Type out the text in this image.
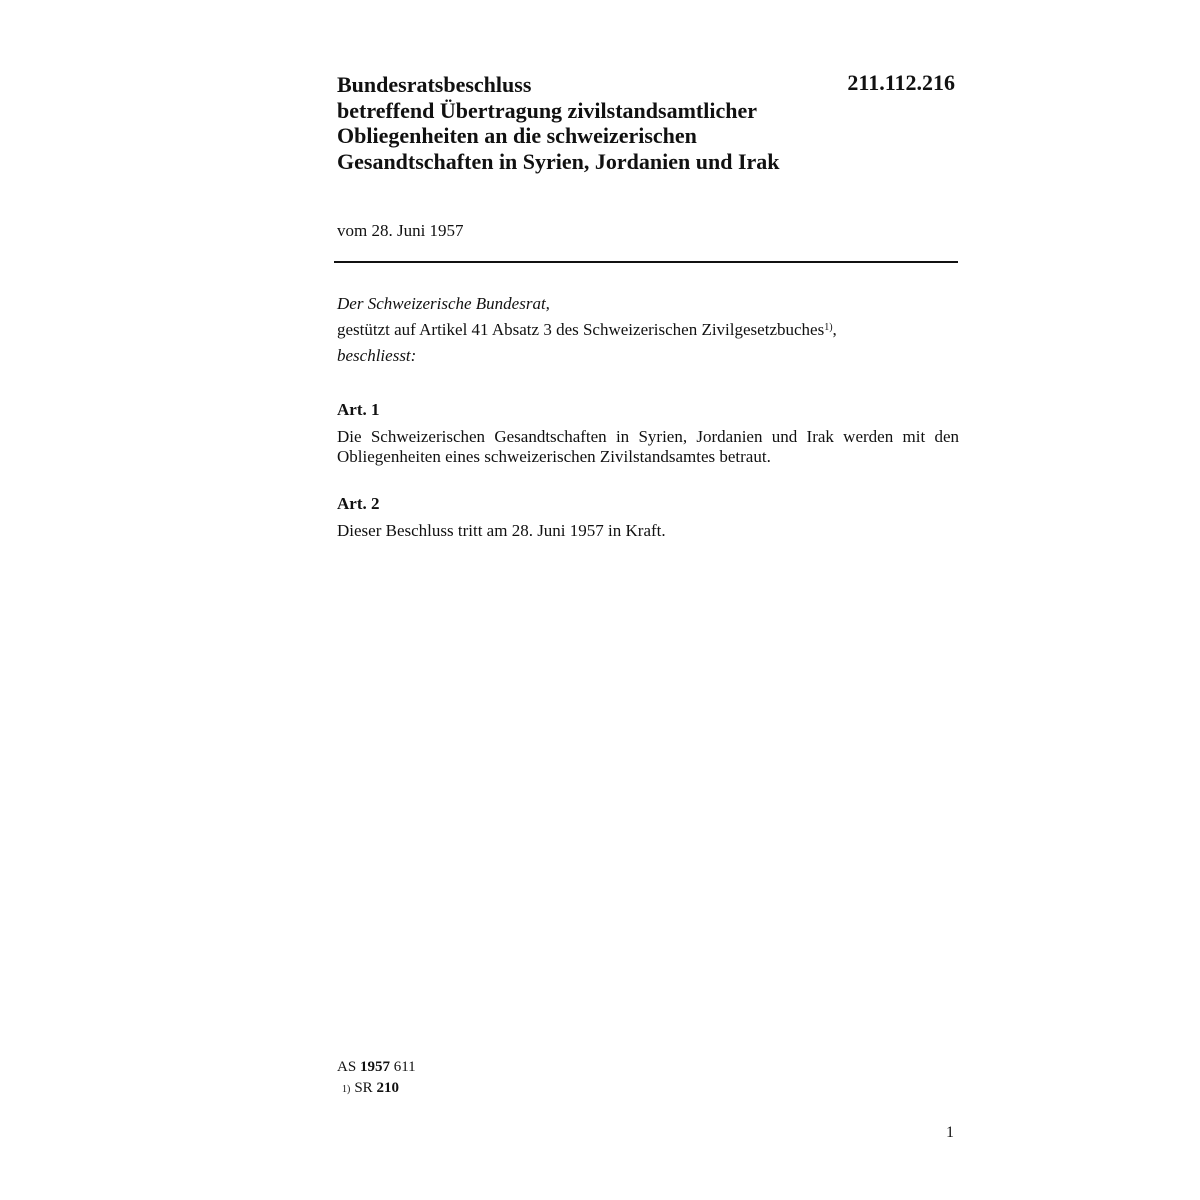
Bundesratsbeschluss
betreffend Übertragung zivilstandsamtlicher
Obliegenheiten an die schweizerischen
Gesandtschaften in Syrien, Jordanien und Irak
211.112.216
vom 28. Juni 1957
Der Schweizerische Bundesrat,
gestützt auf Artikel 41 Absatz 3 des Schweizerischen Zivilgesetzbuches$^{1)}$,
beschliesst:
Art. 1
Die Schweizerischen Gesandtschaften in Syrien, Jordanien und Irak werden mit den Obliegenheiten eines schweizerischen Zivilstandsamtes betraut.
Art. 2
Dieser Beschluss tritt am 28. Juni 1957 in Kraft.
AS 1957 611
1) SR 210
1
